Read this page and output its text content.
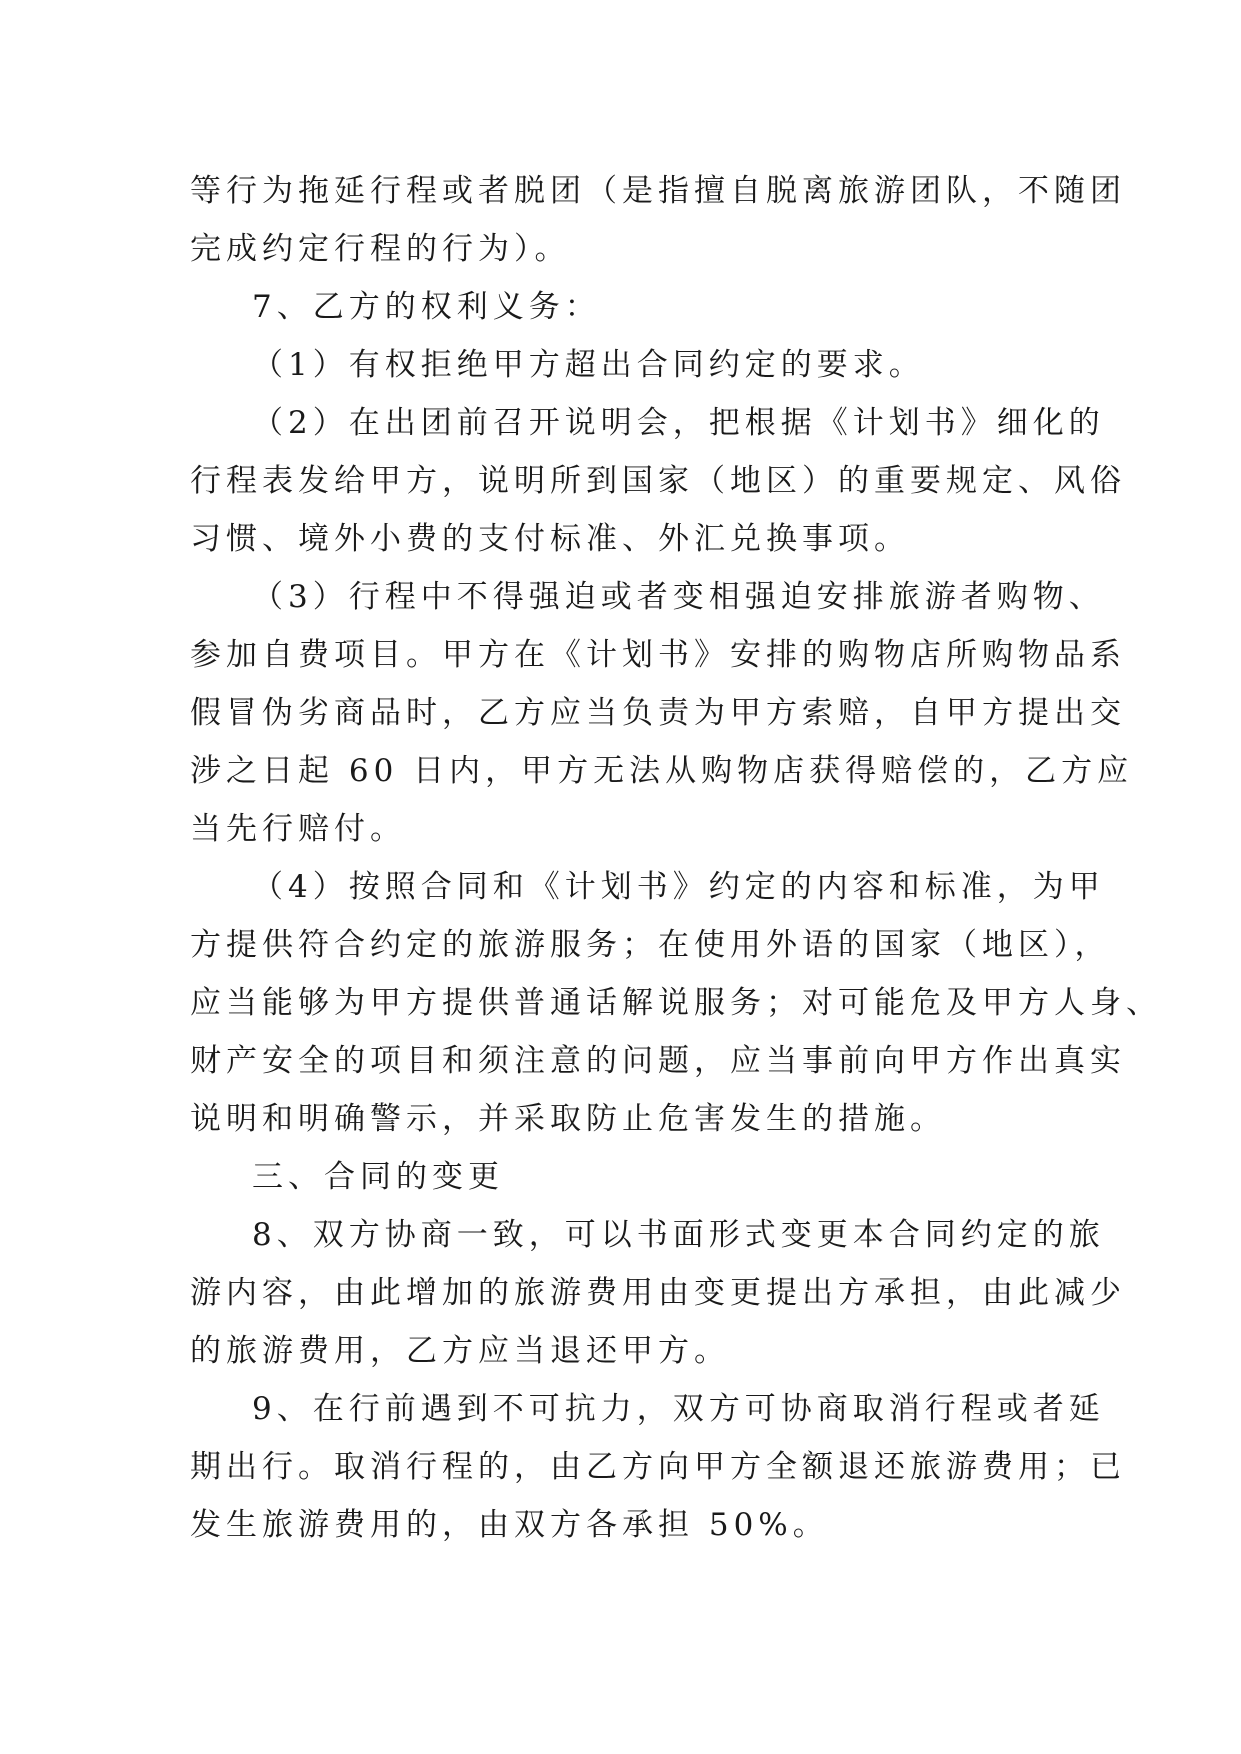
等行为拖延行程或者脱团（是指擅自脱离旅游团队，不随团
完成约定行程的行为）。
7、乙方的权利义务：
（1）有权拒绝甲方超出合同约定的要求。
（2）在出团前召开说明会，把根据《计划书》细化的
行程表发给甲方，说明所到国家（地区）的重要规定、风俗
习惯、境外小费的支付标准、外汇兑换事项。
（3）行程中不得强迫或者变相强迫安排旅游者购物、
参加自费项目。甲方在《计划书》安排的购物店所购物品系
假冒伪劣商品时，乙方应当负责为甲方索赔，自甲方提出交
涉之日起 60 日内，甲方无法从购物店获得赔偿的，乙方应
当先行赔付。
（4）按照合同和《计划书》约定的内容和标准，为甲
方提供符合约定的旅游服务；在使用外语的国家（地区），
应当能够为甲方提供普通话解说服务；对可能危及甲方人身、
财产安全的项目和须注意的问题，应当事前向甲方作出真实
说明和明确警示，并采取防止危害发生的措施。
三、合同的变更
8、双方协商一致，可以书面形式变更本合同约定的旅
游内容，由此增加的旅游费用由变更提出方承担，由此减少
的旅游费用，乙方应当退还甲方。
9、在行前遇到不可抗力，双方可协商取消行程或者延
期出行。取消行程的，由乙方向甲方全额退还旅游费用；已
发生旅游费用的，由双方各承担 50%。
